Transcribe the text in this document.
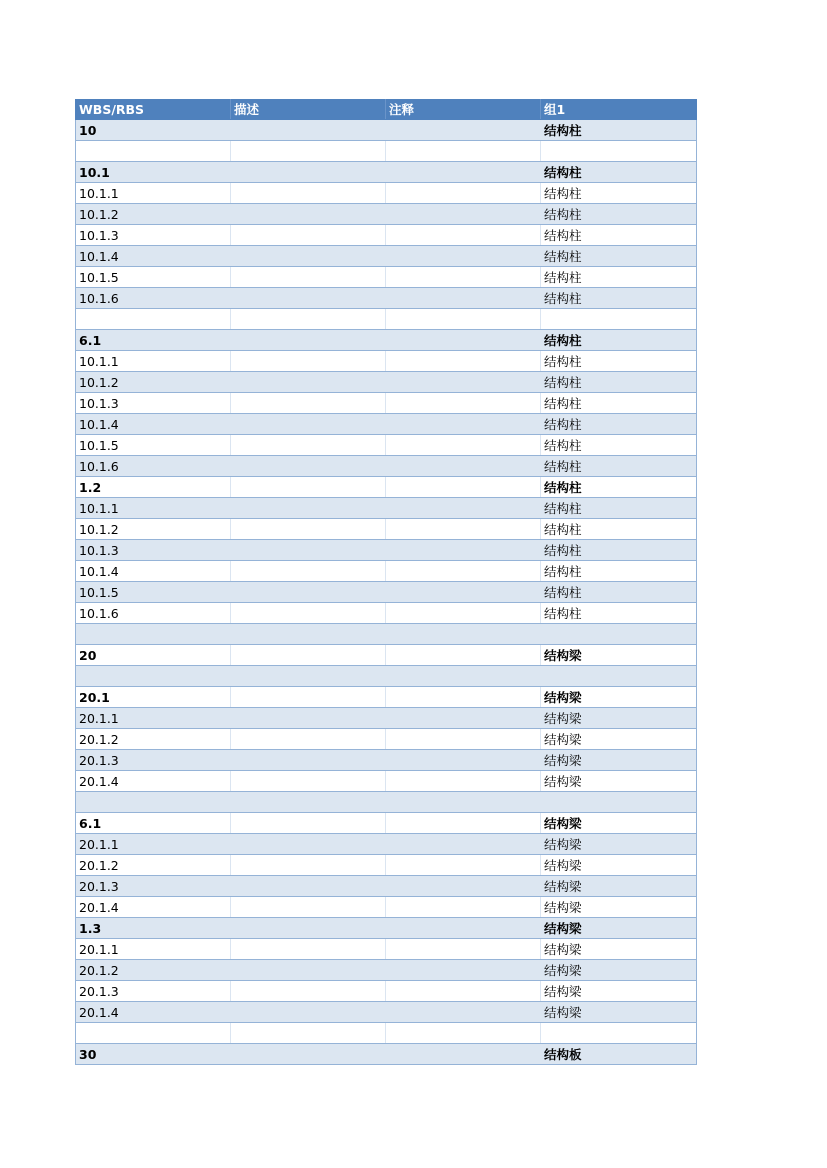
WBS/RBS	描述	注释	组1
10			结构柱

10.1			结构柱
10.1.1			结构柱
10.1.2			结构柱
10.1.3			结构柱
10.1.4			结构柱
10.1.5			结构柱
10.1.6			结构柱

6.1			结构柱
10.1.1			结构柱
10.1.2			结构柱
10.1.3			结构柱
10.1.4			结构柱
10.1.5			结构柱
10.1.6			结构柱
1.2			结构柱
10.1.1			结构柱
10.1.2			结构柱
10.1.3			结构柱
10.1.4			结构柱
10.1.5			结构柱
10.1.6			结构柱

20			结构梁

20.1			结构梁
20.1.1			结构梁
20.1.2			结构梁
20.1.3			结构梁
20.1.4			结构梁

6.1			结构梁
20.1.1			结构梁
20.1.2			结构梁
20.1.3			结构梁
20.1.4			结构梁
1.3			结构梁
20.1.1			结构梁
20.1.2			结构梁
20.1.3			结构梁
20.1.4			结构梁

30			结构板
